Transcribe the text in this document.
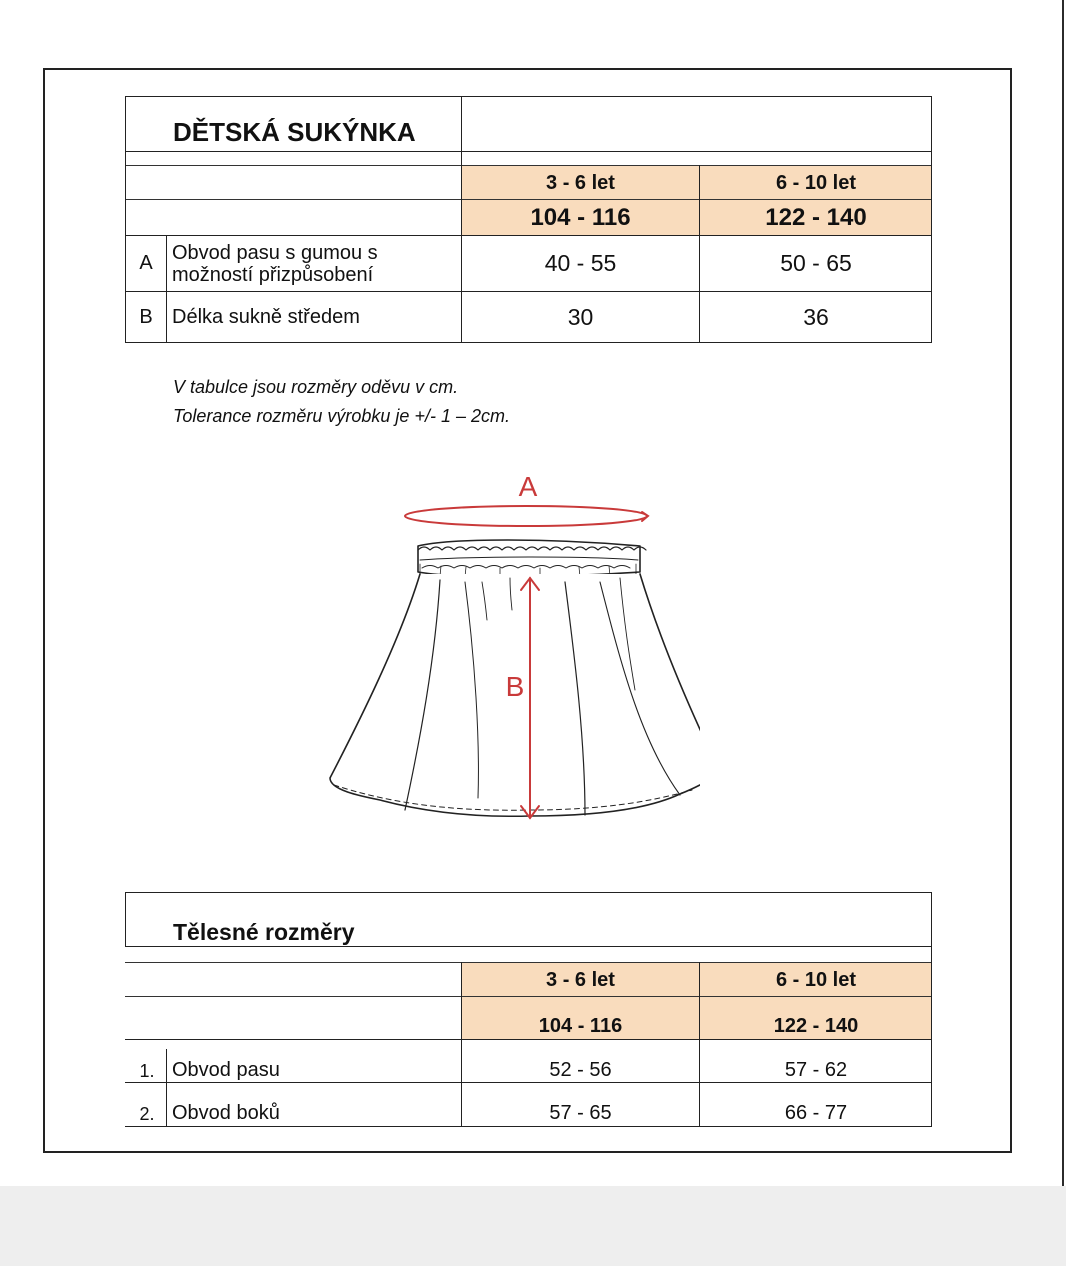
DĚTSKÁ SUKÝNKA
3 - 6 let	6 - 10 let
104 - 116	122 - 140
A Obvod pasu s gumou s možností přizpůsobení	40 - 55	50 - 65
B Délka sukně středem	30	36
V tabulce jsou rozměry oděvu v cm.
Tolerance rozměru výrobku je +/- 1 – 2cm.
A
B
Tělesné rozměry
3 - 6 let	6 - 10 let
104 - 116	122 - 140
1. Obvod pasu	52 - 56	57 - 62
2. Obvod boků	57 - 65	66 - 77
